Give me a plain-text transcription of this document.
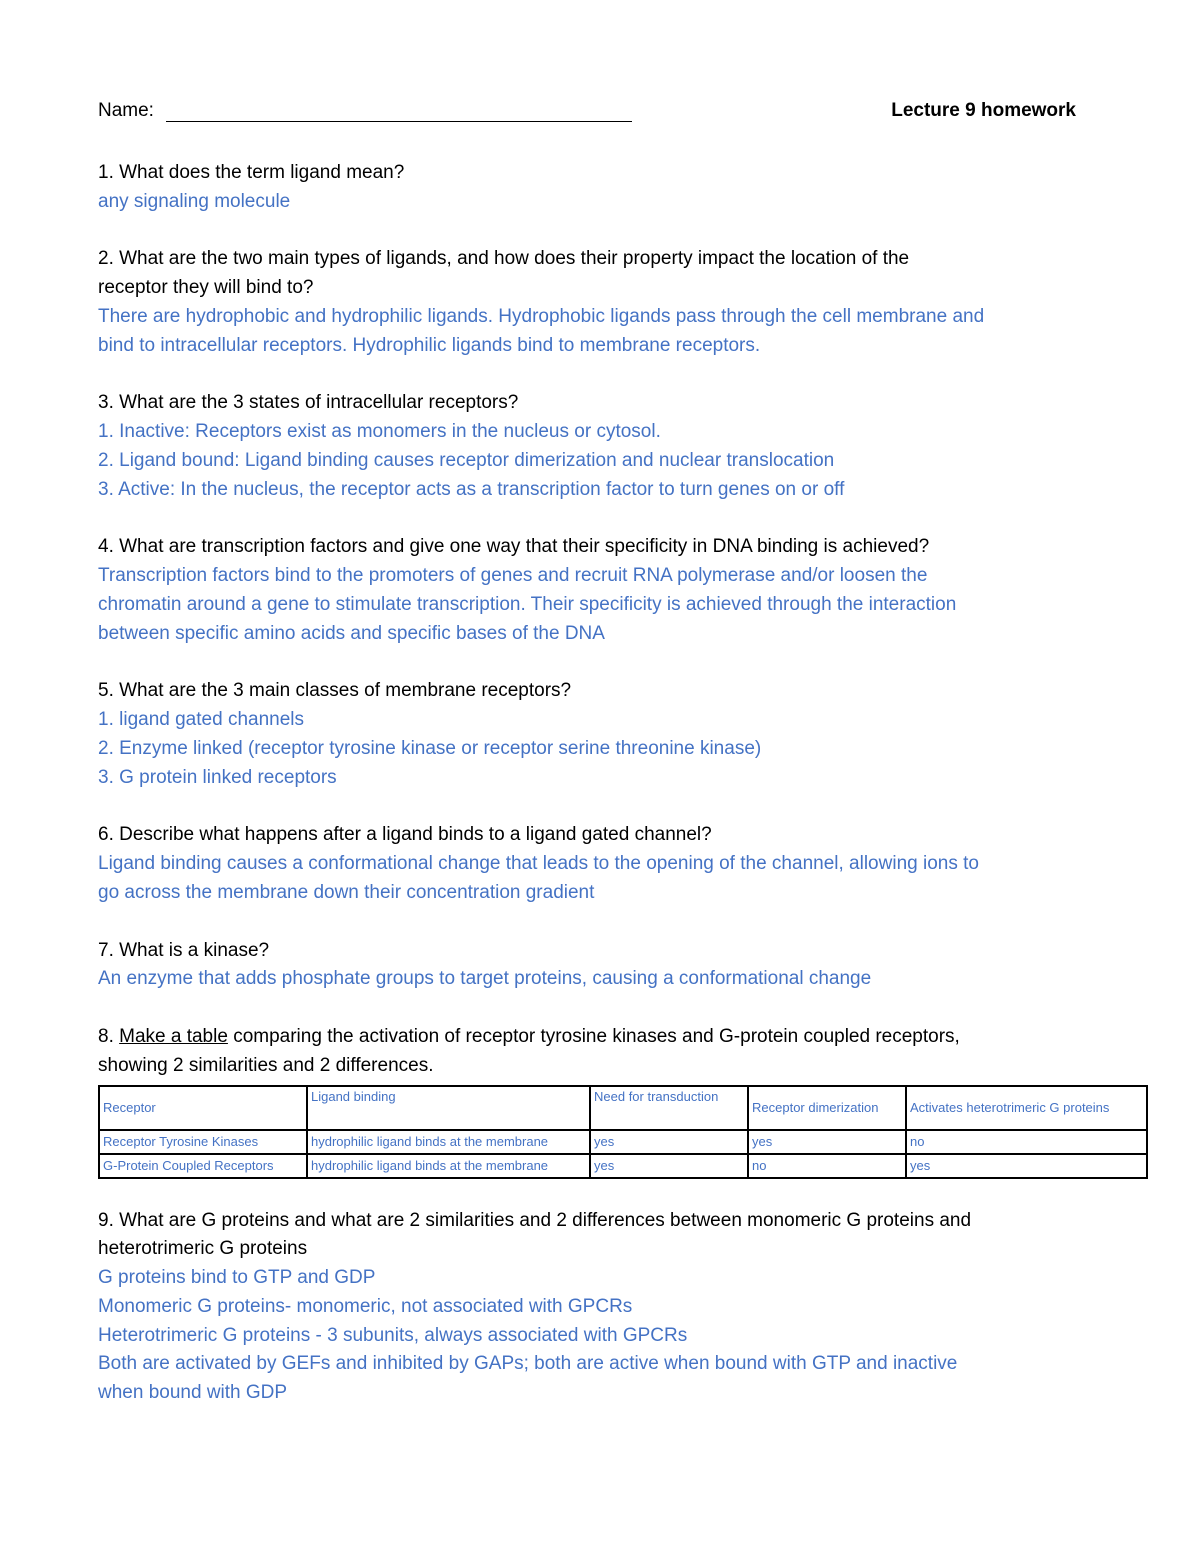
Name:	Lecture 9 homework

1. What does the term ligand mean?

any signaling molecule

2. What are the two main types of ligands, and how does their property impact the location of the

receptor they will bind to?

There are hydrophobic and hydrophilic ligands. Hydrophobic ligands pass through the cell membrane and

bind to intracellular receptors. Hydrophilic ligands bind to membrane receptors.

3. What are the 3 states of intracellular receptors?

1. Inactive: Receptors exist as monomers in the nucleus or cytosol.

2. Ligand bound: Ligand binding causes receptor dimerization and nuclear translocation

3. Active: In the nucleus, the receptor acts as a transcription factor to turn genes on or off

4. What are transcription factors and give one way that their specificity in DNA binding is achieved?

Transcription factors bind to the promoters of genes and recruit RNA polymerase and/or loosen the

chromatin around a gene to stimulate transcription. Their specificity is achieved through the interaction

between specific amino acids and specific bases of the DNA

5. What are the 3 main classes of membrane receptors?

1. ligand gated channels

2. Enzyme linked (receptor tyrosine kinase or receptor serine threonine kinase)

3. G protein linked receptors

6. Describe what happens after a ligand binds to a ligand gated channel?

Ligand binding causes a conformational change that leads to the opening of the channel, allowing ions to

go across the membrane down their concentration gradient

7. What is a kinase?

An enzyme that adds phosphate groups to target proteins, causing a conformational change

8. Make a table comparing the activation of receptor tyrosine kinases and G-protein coupled receptors,

showing 2 similarities and 2 differences.

Receptor	Ligand binding	Need for transduction	Receptor dimerization	Activates heterotrimeric G proteins
Receptor Tyrosine Kinases	hydrophilic ligand binds at the membrane	yes	yes	no
G-Protein Coupled Receptors	hydrophilic ligand binds at the membrane	yes	no	yes

9. What are G proteins and what are 2 similarities and 2 differences between monomeric G proteins and

heterotrimeric G proteins

G proteins bind to GTP and GDP

Monomeric G proteins- monomeric, not associated with GPCRs

Heterotrimeric G proteins - 3 subunits, always associated with GPCRs

Both are activated by GEFs and inhibited by GAPs; both are active when bound with GTP and inactive

when bound with GDP
